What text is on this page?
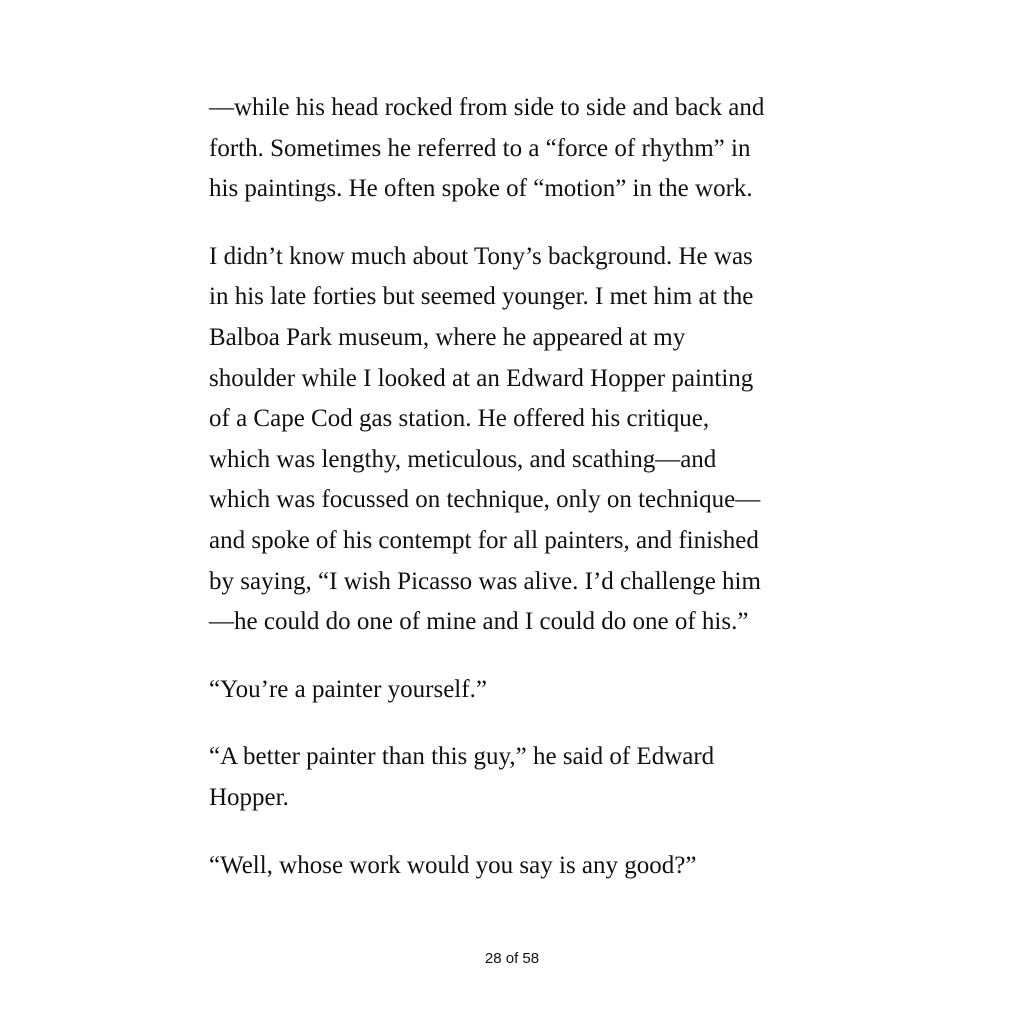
—while his head rocked from side to side and back and
forth. Sometimes he referred to a “force of rhythm” in
his paintings. He often spoke of “motion” in the work.

I didn’t know much about Tony’s background. He was
in his late forties but seemed younger. I met him at the
Balboa Park museum, where he appeared at my
shoulder while I looked at an Edward Hopper painting
of a Cape Cod gas station. He offered his critique,
which was lengthy, meticulous, and scathing—and
which was focussed on technique, only on technique—
and spoke of his contempt for all painters, and finished
by saying, “I wish Picasso was alive. I’d challenge him
—he could do one of mine and I could do one of his.”

“You’re a painter yourself.”

“A better painter than this guy,” he said of Edward
Hopper.

“Well, whose work would you say is any good?”

28 of 58
